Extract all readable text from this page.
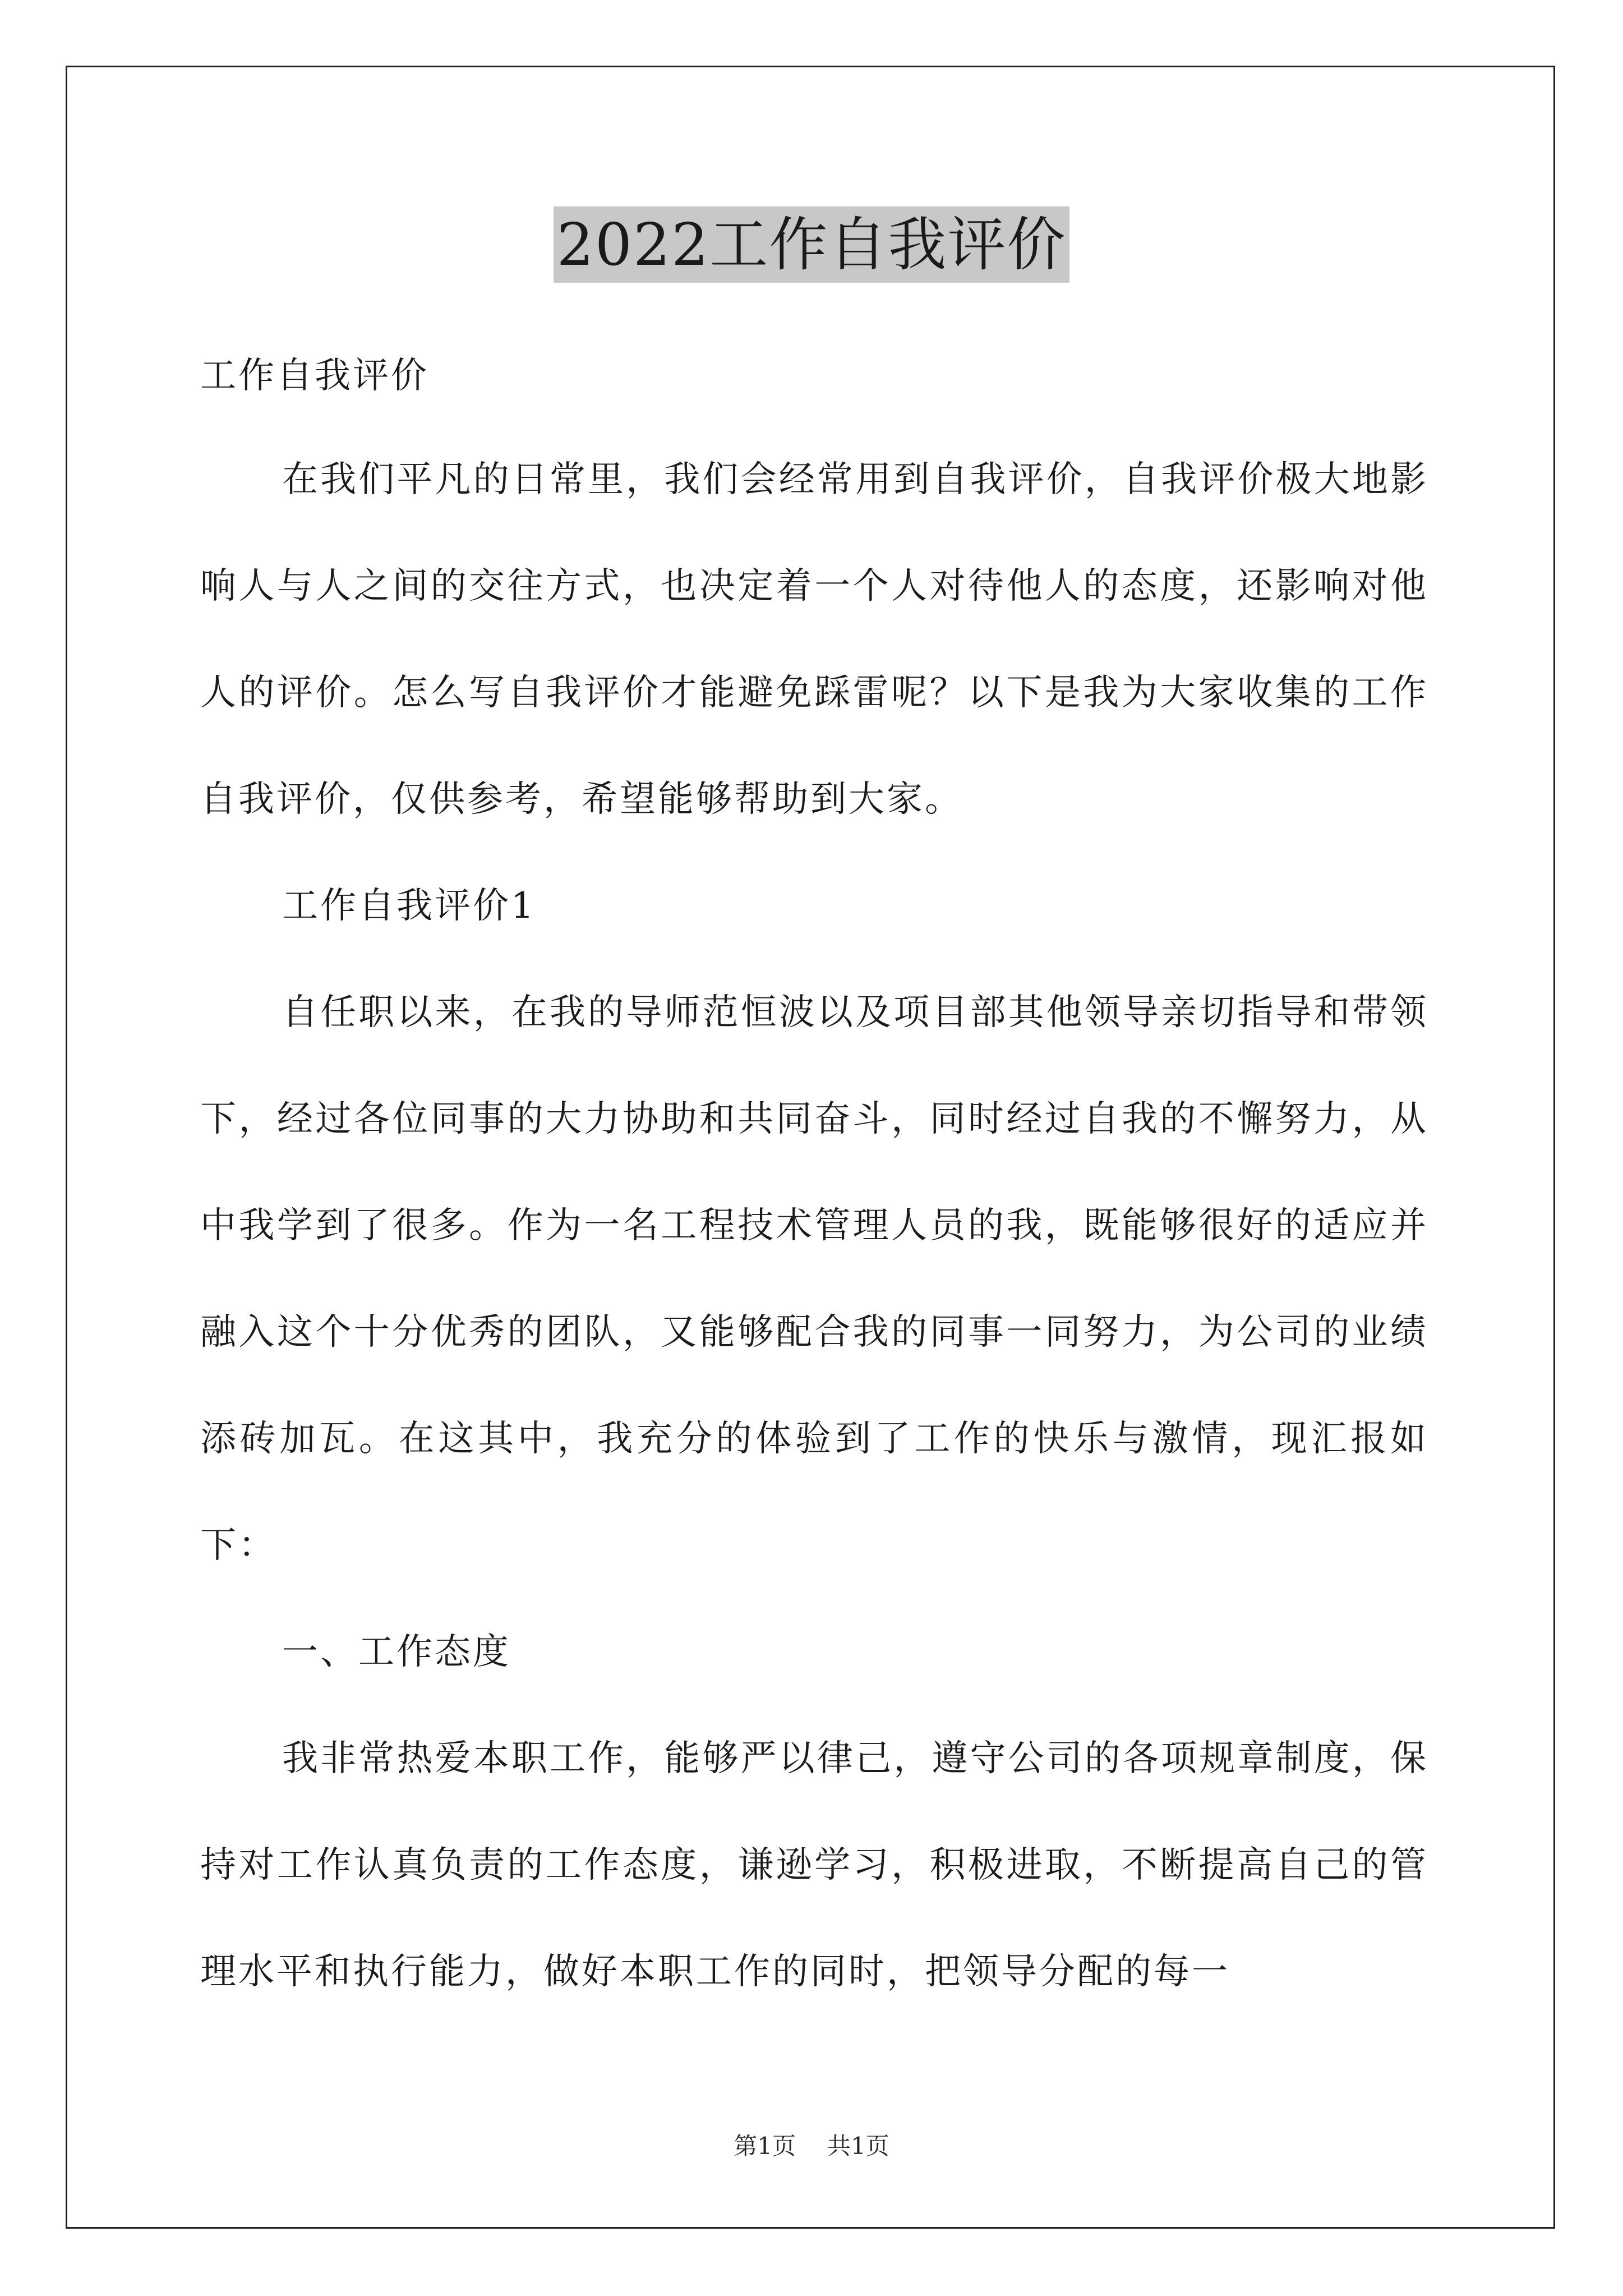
2022工作自我评价

工作自我评价

在我们平凡的日常里，我们会经常用到自我评价，自我评价极大地影响人与人之间的交往方式，也决定着一个人对待他人的态度，还影响对他人的评价。怎么写自我评价才能避免踩雷呢？以下是我为大家收集的工作自我评价，仅供参考，希望能够帮助到大家。

工作自我评价1

自任职以来，在我的导师范恒波以及项目部其他领导亲切指导和带领下，经过各位同事的大力协助和共同奋斗，同时经过自我的不懈努力，从中我学到了很多。作为一名工程技术管理人员的我，既能够很好的适应并融入这个十分优秀的团队，又能够配合我的同事一同努力，为公司的业绩添砖加瓦。在这其中，我充分的体验到了工作的快乐与激情，现汇报如下：

一、工作态度

我非常热爱本职工作，能够严以律己，遵守公司的各项规章制度，保持对工作认真负责的工作态度，谦逊学习，积极进取，不断提高自己的管理水平和执行能力，做好本职工作的同时，把领导分配的每一

第1页 共1页
